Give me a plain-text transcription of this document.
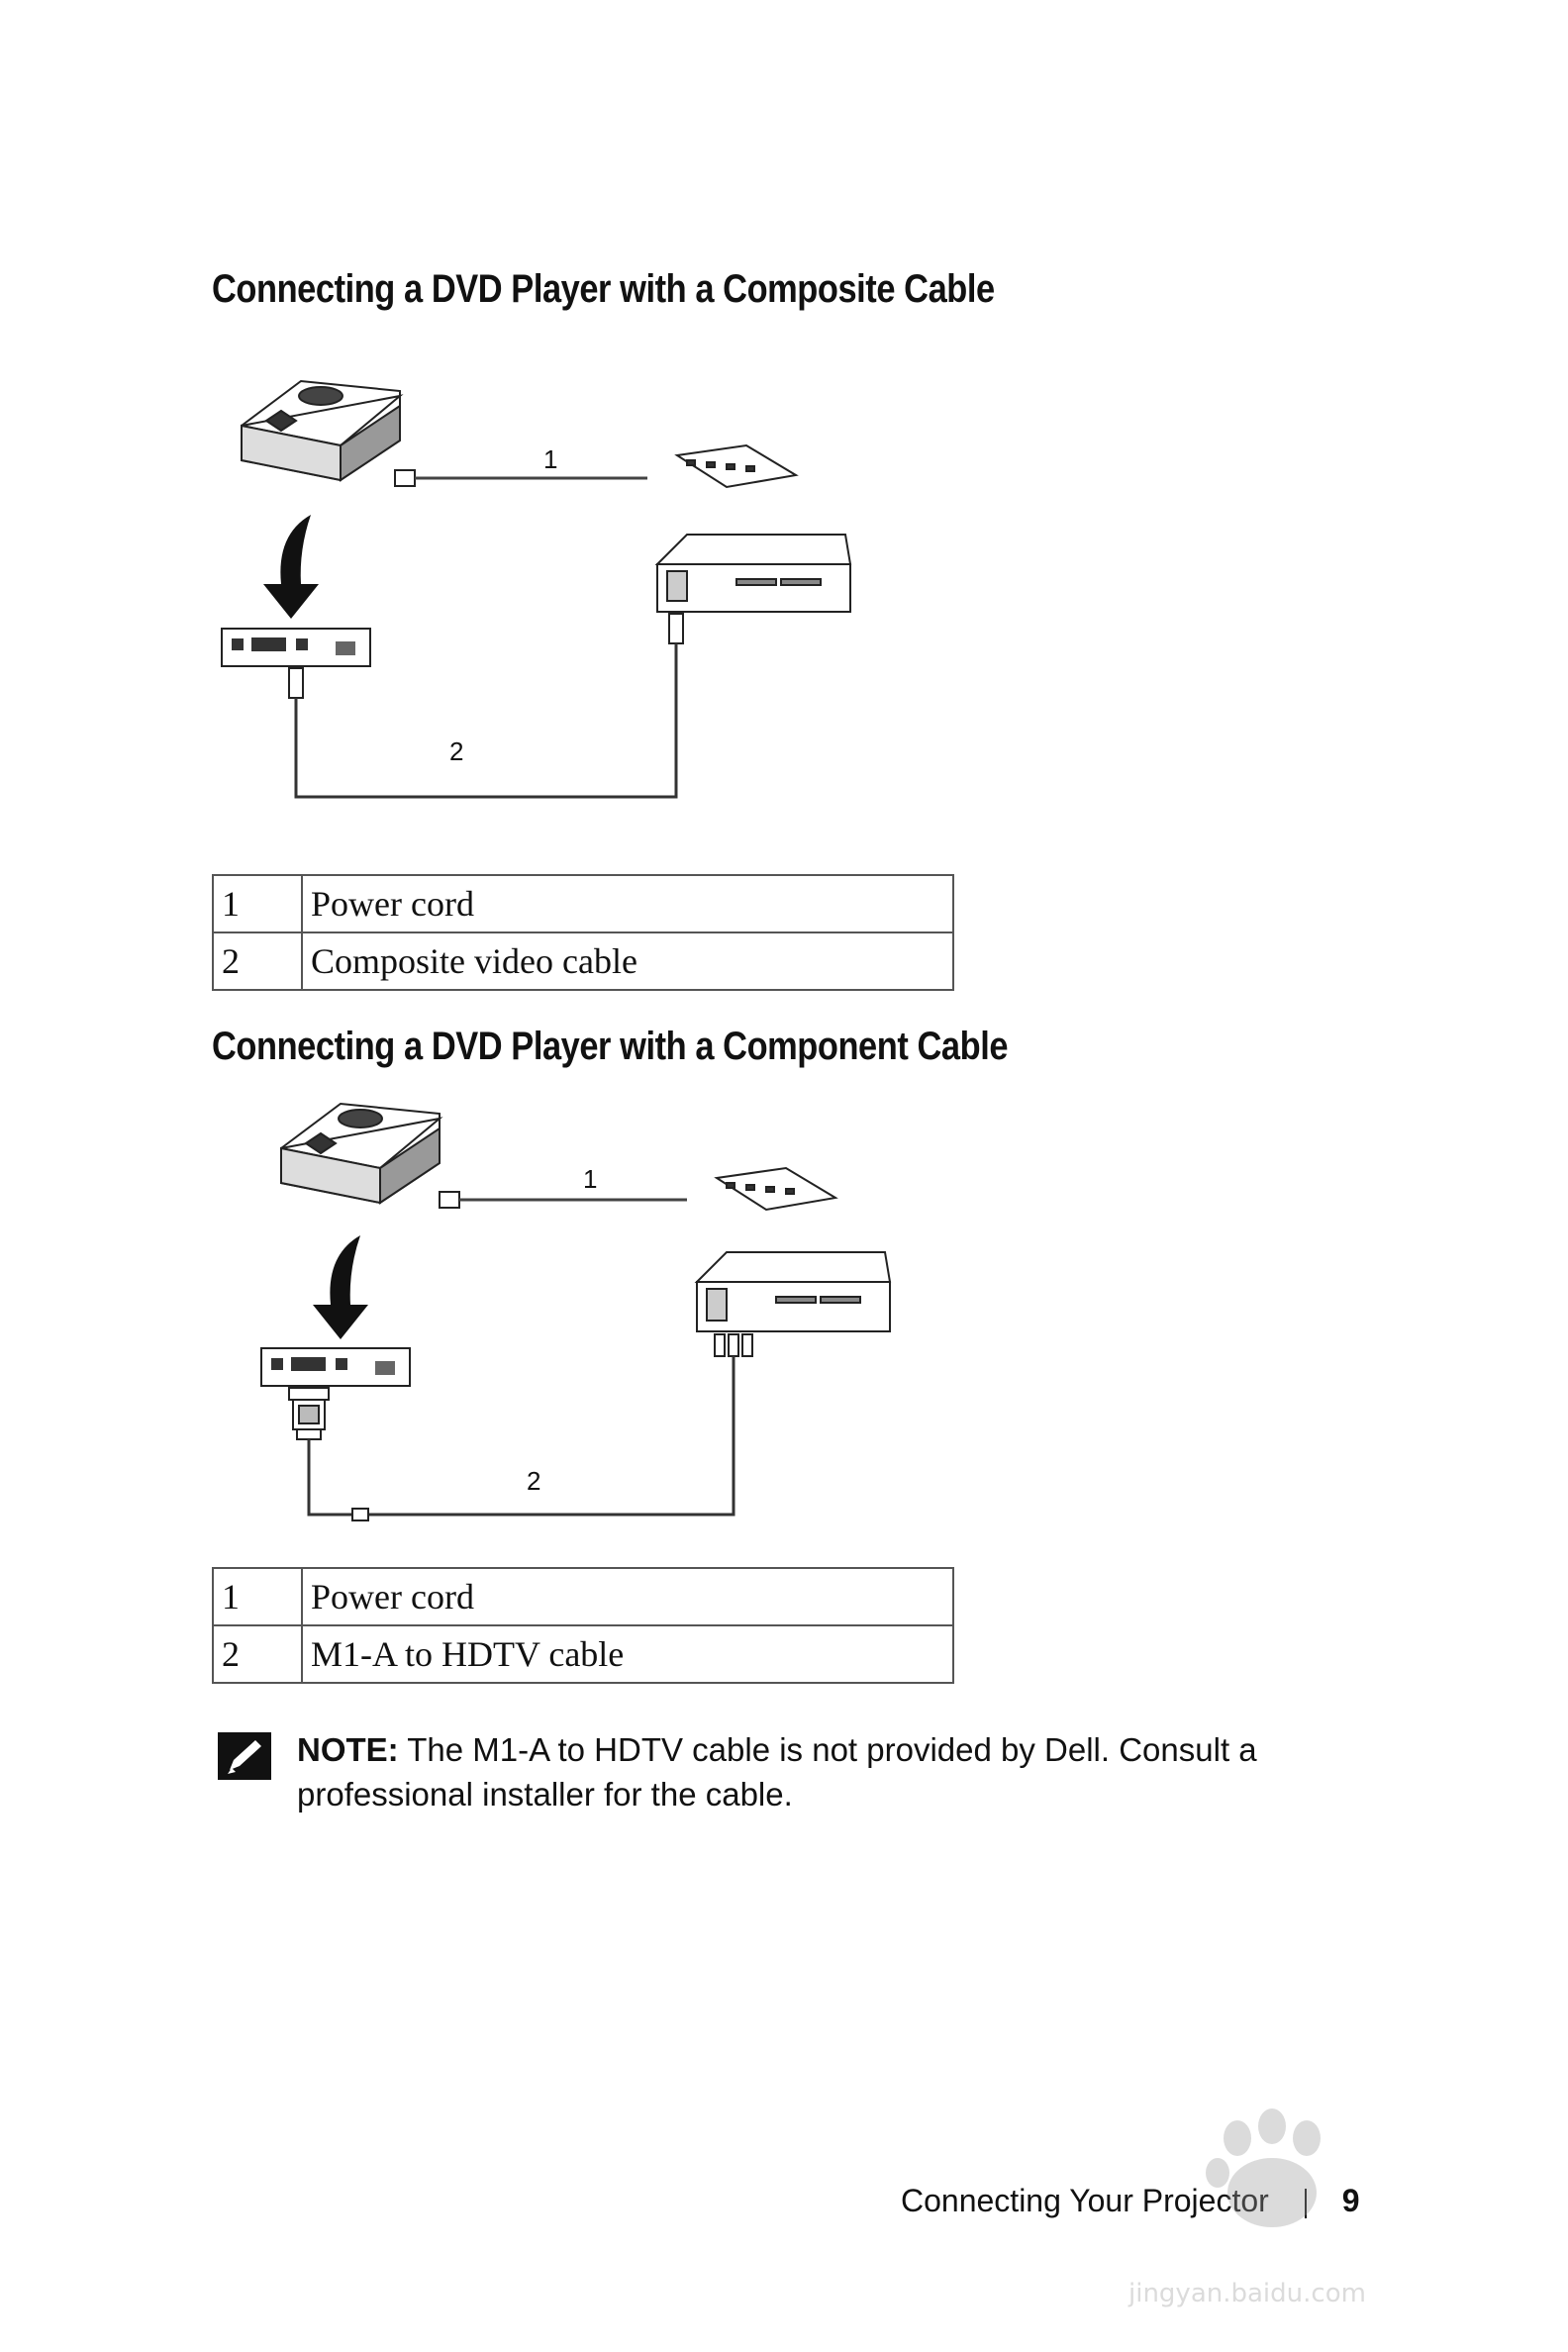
Connecting a DVD Player with a Composite Cable
1
2
1	Power cord
2	Composite video cable
Connecting a DVD Player with a Component Cable
1
2
1	Power cord
2	M1-A to HDTV cable

NOTE: The M1-A to HDTV cable is not provided by Dell. Consult a professional installer for the cable.

Connecting Your Projector 9
jingyan.baidu.com
